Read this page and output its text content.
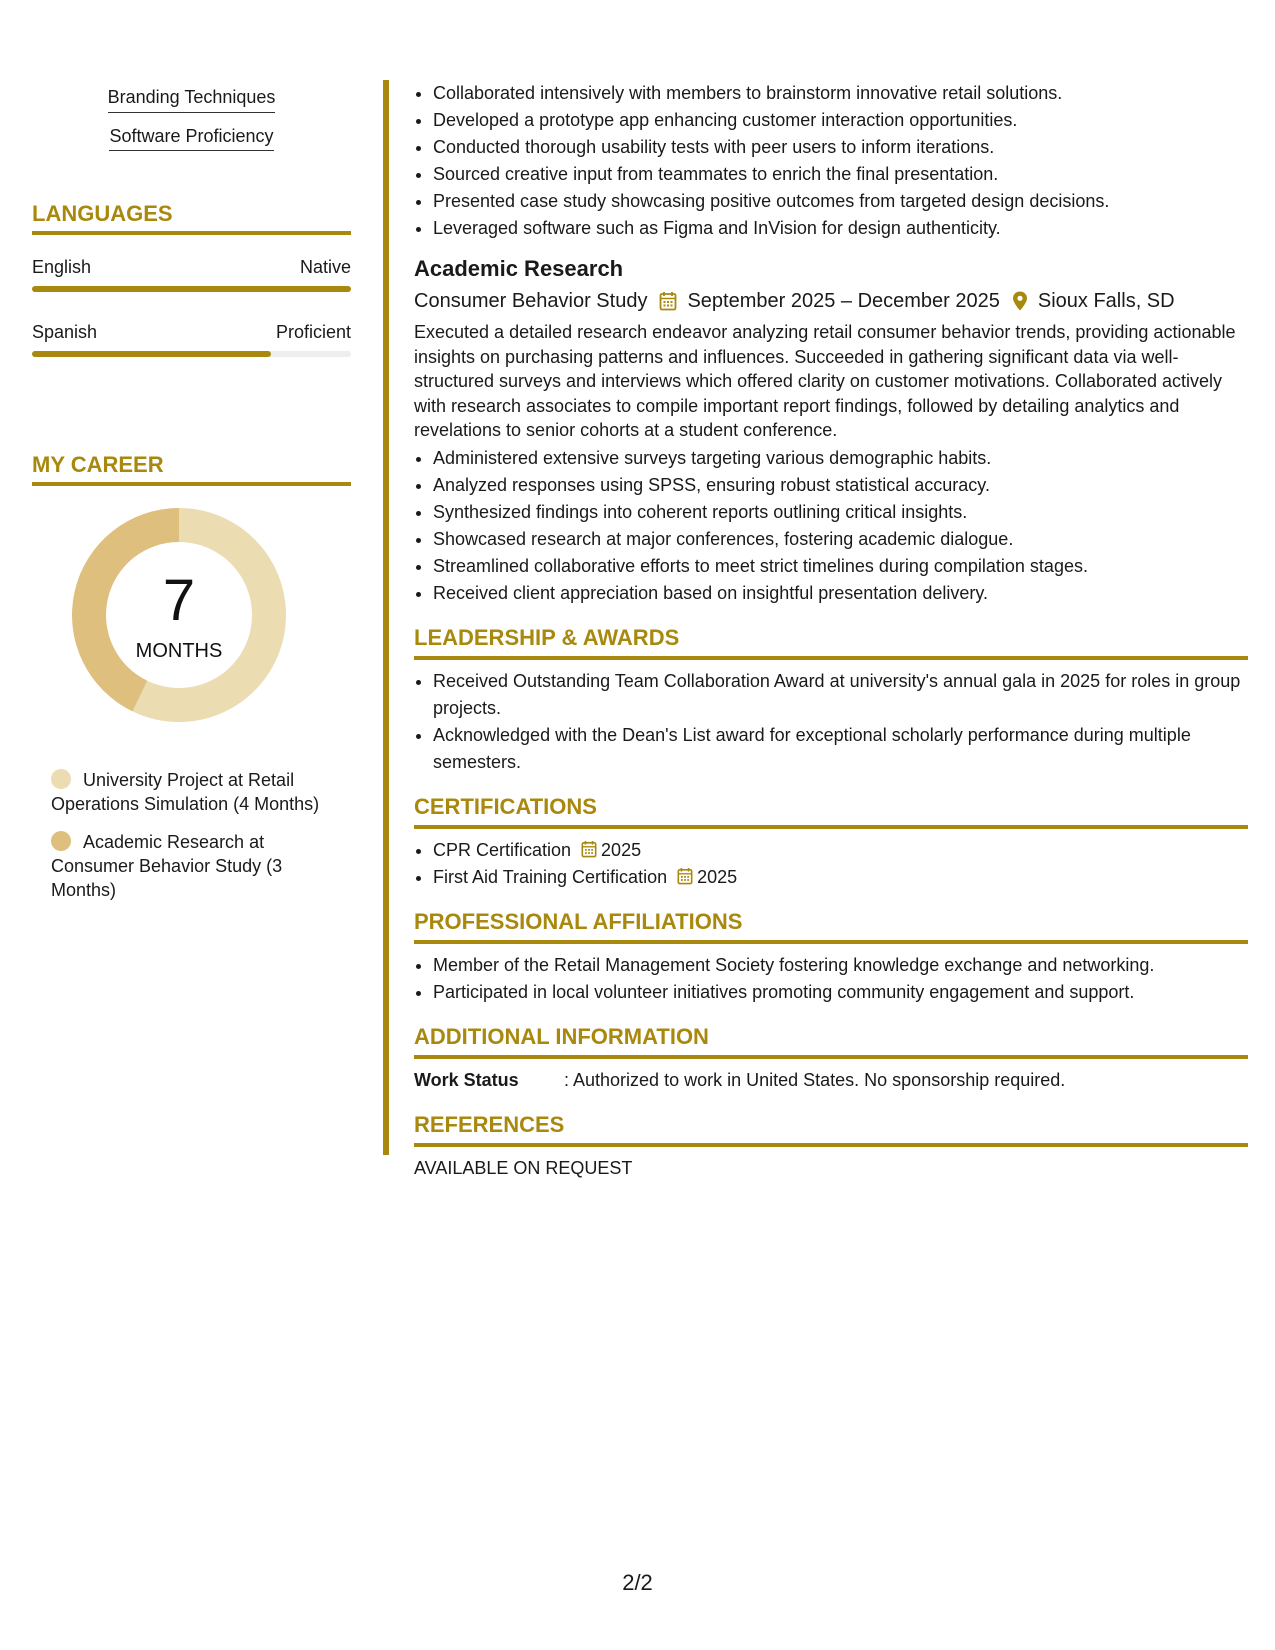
Branding Techniques
Software Proficiency
LANGUAGES
English	Native
Spanish	Proficient
MY CAREER
7
MONTHS
University Project at Retail Operations Simulation (4 Months)
Academic Research at Consumer Behavior Study (3 Months)
• Collaborated intensively with members to brainstorm innovative retail solutions.
• Developed a prototype app enhancing customer interaction opportunities.
• Conducted thorough usability tests with peer users to inform iterations.
• Sourced creative input from teammates to enrich the final presentation.
• Presented case study showcasing positive outcomes from targeted design decisions.
• Leveraged software such as Figma and InVision for design authenticity.
Academic Research
Consumer Behavior Study September 2025 – December 2025 Sioux Falls, SD
Executed a detailed research endeavor analyzing retail consumer behavior trends, providing actionable insights on purchasing patterns and influences. Succeeded in gathering significant data via well-structured surveys and interviews which offered clarity on customer motivations. Collaborated actively with research associates to compile important report findings, followed by detailing analytics and revelations to senior cohorts at a student conference.
• Administered extensive surveys targeting various demographic habits.
• Analyzed responses using SPSS, ensuring robust statistical accuracy.
• Synthesized findings into coherent reports outlining critical insights.
• Showcased research at major conferences, fostering academic dialogue.
• Streamlined collaborative efforts to meet strict timelines during compilation stages.
• Received client appreciation based on insightful presentation delivery.
LEADERSHIP & AWARDS
• Received Outstanding Team Collaboration Award at university's annual gala in 2025 for roles in group projects.
• Acknowledged with the Dean's List award for exceptional scholarly performance during multiple semesters.
CERTIFICATIONS
• CPR Certification 2025
• First Aid Training Certification 2025
PROFESSIONAL AFFILIATIONS
• Member of the Retail Management Society fostering knowledge exchange and networking.
• Participated in local volunteer initiatives promoting community engagement and support.
ADDITIONAL INFORMATION
Work Status	: Authorized to work in United States. No sponsorship required.
REFERENCES
AVAILABLE ON REQUEST
2/2
